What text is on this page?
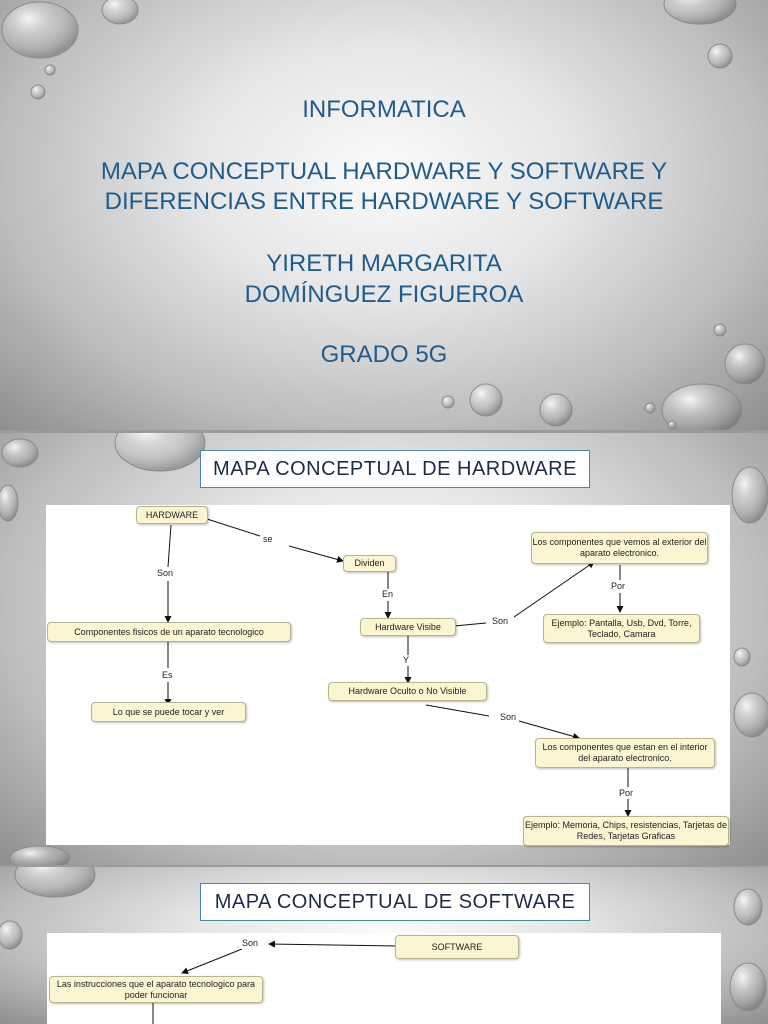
INFORMATICA
MAPA CONCEPTUAL HARDWARE Y SOFTWARE Y
DIFERENCIAS ENTRE HARDWARE Y SOFTWARE
YIRETH MARGARITA
DOMÍNGUEZ FIGUEROA
GRADO 5G
MAPA CONCEPTUAL DE HARDWARE
HARDWARE
Dividen
Componentes fisicos de un aparato tecnologico
Lo que se puede tocar y ver
Hardware Visibe
Hardware Oculto o No Visible
Los componentes que vemos al exterior del aparato electronico.
Ejemplo: Pantalla, Usb, Dvd, Torre, Teclado, Camara
Los componentes que estan en el interior del aparato electronico.
Ejemplo: Memoria, Chips, resistencias, Tarjetas de Redes, Tarjetas Graficas
se
Son
Es
En
Son
Por
Y
Son
Por
MAPA CONCEPTUAL DE SOFTWARE
SOFTWARE
Las instrucciones que el aparato tecnologico para poder funcionar
Son
